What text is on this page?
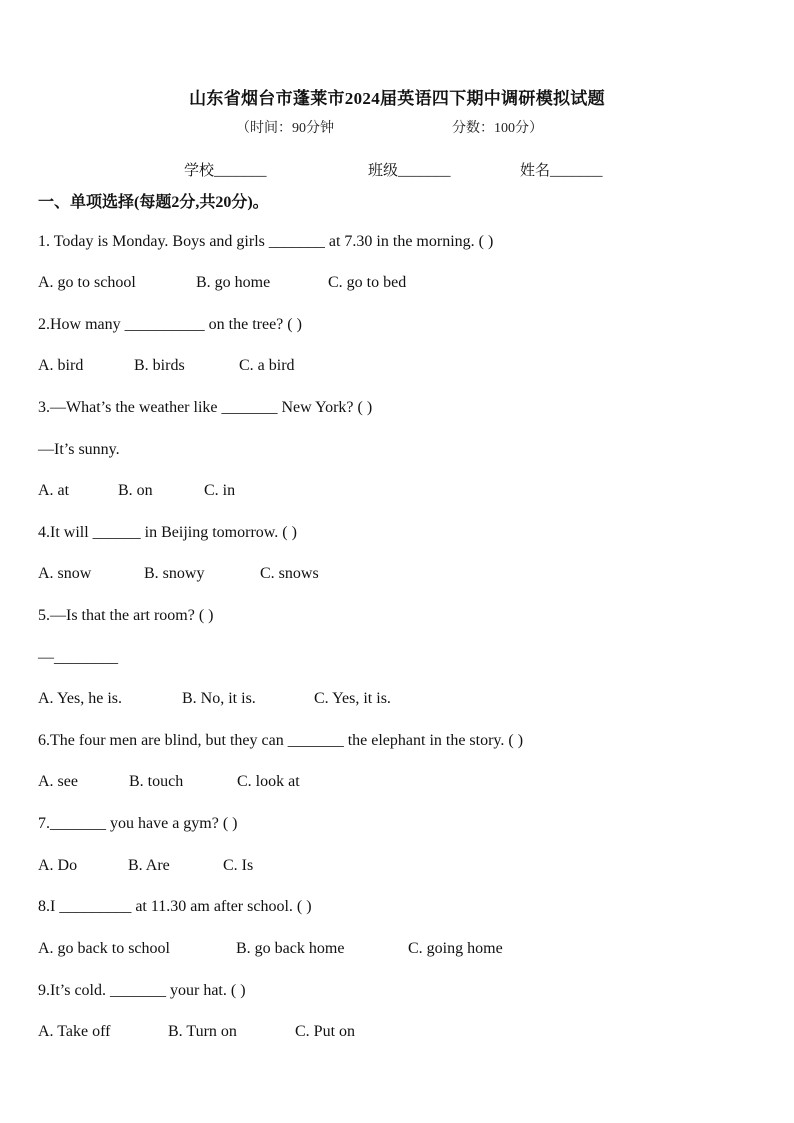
山东省烟台市蓬莱市2024届英语四下期中调研模拟试题
（时间：90分钟	分数：100分）
学校_______	班级_______	姓名_______
一、单项选择(每题2分,共20分)。
1. Today is Monday. Boys and girls _______ at 7.30 in the morning. ( )
A. go to school	B. go home	C. go to bed
2.How many __________ on the tree? ( )
A. bird	B. birds	C. a bird
3.—What’s the weather like _______ New York? ( )
—It’s sunny.
A. at	B. on	C. in
4.It will ______ in Beijing tomorrow. ( )
A. snow	B. snowy	C. snows
5.—Is that the art room? ( )
—________
A. Yes, he is.	B. No, it is.	C. Yes, it is.
6.The four men are blind, but they can _______ the elephant in the story. ( )
A. see	B. touch	C. look at
7._______ you have a gym? ( )
A. Do	B. Are	C. Is
8.I _________ at 11.30 am after school. ( )
A. go back to school	B. go back home	C. going home
9.It’s cold. _______ your hat. ( )
A. Take off	B. Turn on	C. Put on
